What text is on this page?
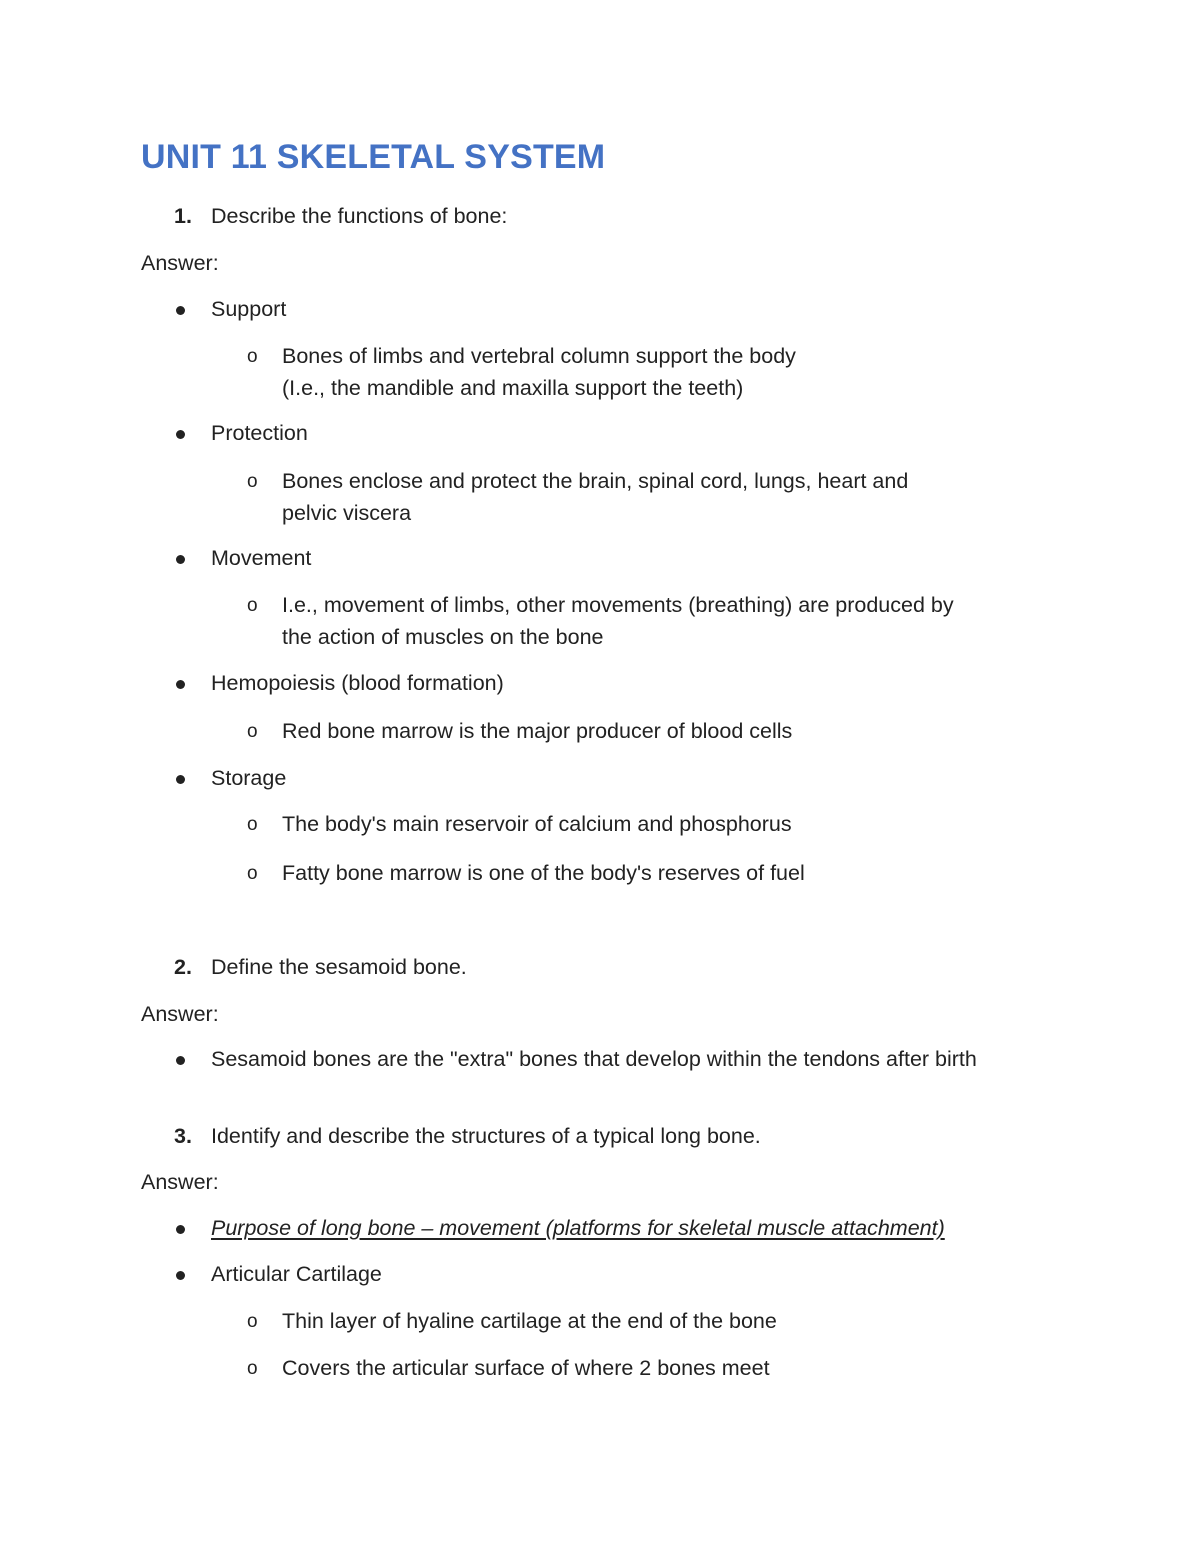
UNIT 11 SKELETAL SYSTEM
1. Describe the functions of bone:

Answer:

Support

o Bones of limbs and vertebral column support the body

(I.e., the mandible and maxilla support the teeth)

Protection

o Bones enclose and protect the brain, spinal cord, lungs, heart and

pelvic viscera

Movement

o I.e., movement of limbs, other movements (breathing) are produced by

the action of muscles on the bone

Hemopoiesis (blood formation)

o Red bone marrow is the major producer of blood cells

Storage

o The body's main reservoir of calcium and phosphorus

o Fatty bone marrow is one of the body's reserves of fuel

2. Define the sesamoid bone.

Answer:

Sesamoid bones are the "extra" bones that develop within the tendons after birth

3. Identify and describe the structures of a typical long bone.

Answer:

Purpose of long bone – movement (platforms for skeletal muscle attachment)

Articular Cartilage

o Thin layer of hyaline cartilage at the end of the bone

o Covers the articular surface of where 2 bones meet
